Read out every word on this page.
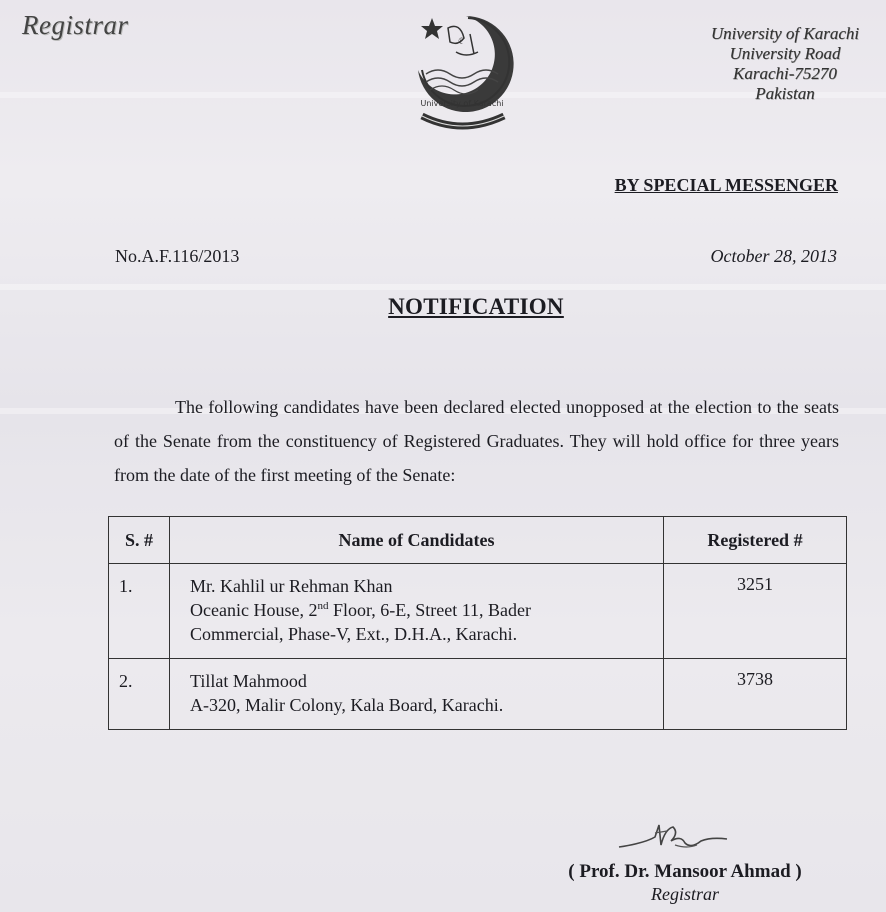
Registrar
☾
University of Karachi
University of Karachi
University Road
Karachi-75270
Pakistan
BY SPECIAL MESSENGER
No.A.F.116/2013	October 28, 2013
NOTIFICATION
The following candidates have been declared elected unopposed at the election to the seats of the Senate from the constituency of Registered Graduates. They will hold office for three years from the date of the first meeting of the Senate:
S. #	Name of Candidates	Registered #
1.	Mr. Kahlil ur Rehman Khan
Oceanic House, 2nd Floor, 6-E, Street 11, Bader
Commercial, Phase-V, Ext., D.H.A., Karachi.	3251
2.	Tillat Mahmood
A-320, Malir Colony, Kala Board, Karachi.	3738
( Prof. Dr. Mansoor Ahmad )
Registrar
